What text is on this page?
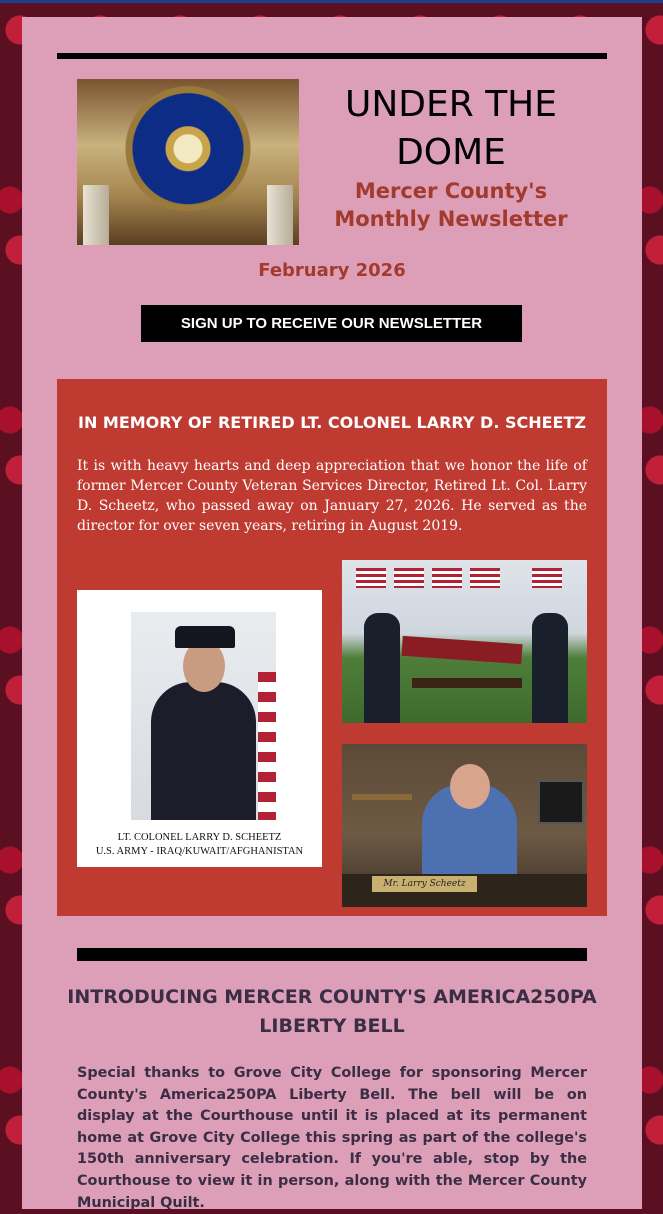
UNDER THE DOME
Mercer County's Monthly Newsletter
February 2026
SIGN UP TO RECEIVE OUR NEWSLETTER
IN MEMORY OF RETIRED LT. COLONEL LARRY D. SCHEETZ
It is with heavy hearts and deep appreciation that we honor the life of former Mercer County Veteran Services Director, Retired Lt. Col. Larry D. Scheetz, who passed away on January 27, 2026. He served as the director for over seven years, retiring in August 2019.
LT. COLONEL LARRY D. SCHEETZ
U.S. ARMY - IRAQ/KUWAIT/AFGHANISTAN
Mr. Larry Scheetz
INTRODUCING MERCER COUNTY'S AMERICA250PA LIBERTY BELL
Special thanks to Grove City College for sponsoring Mercer County's America250PA Liberty Bell. The bell will be on display at the Courthouse until it is placed at its permanent home at Grove City College this spring as part of the college's 150th anniversary celebration. If you're able, stop by the Courthouse to view it in person, along with the Mercer County Municipal Quilt.
